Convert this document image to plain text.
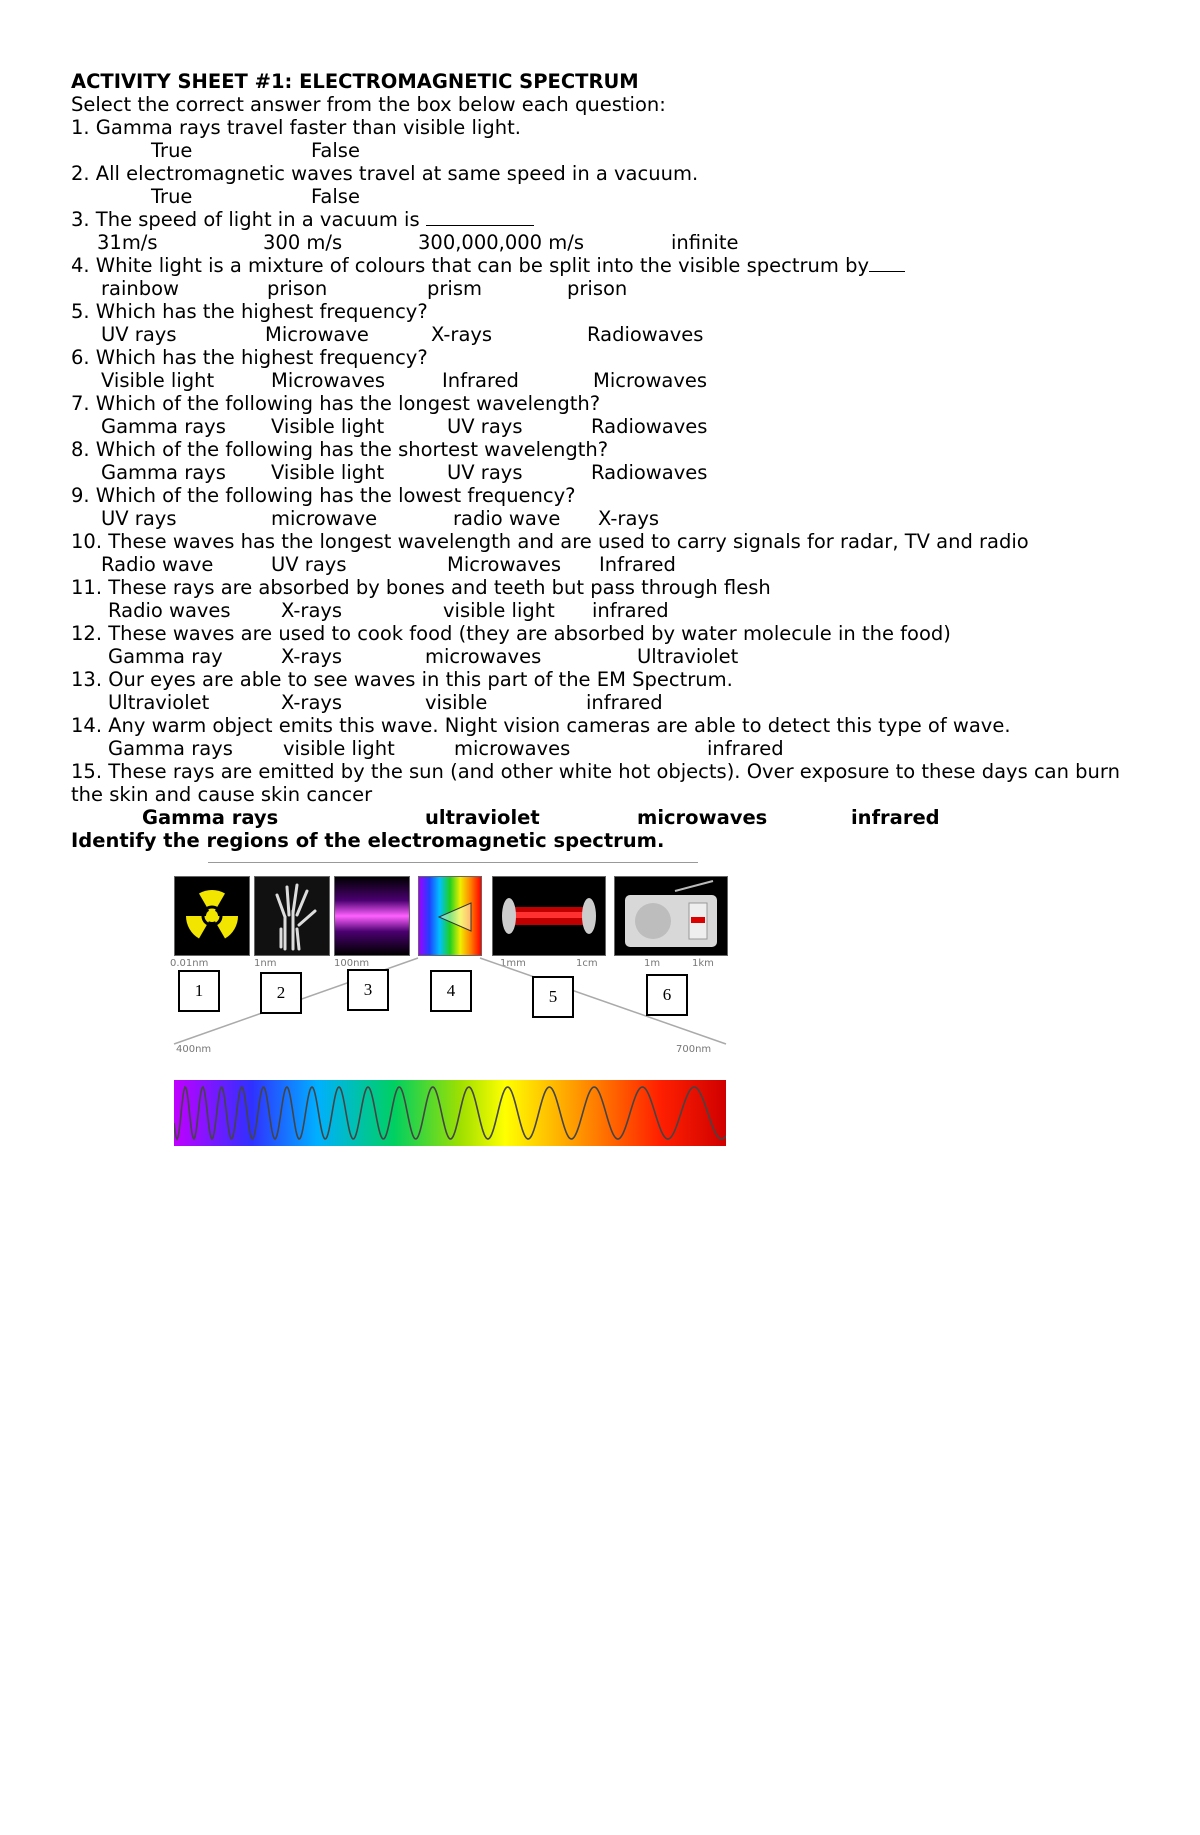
ACTIVITY SHEET #1: ELECTROMAGNETIC SPECTRUM
Select the correct answer from the box below each question:
1. Gamma rays travel faster than visible light.
True	False
2. All electromagnetic waves travel at same speed in a vacuum.
True	False
3. The speed of light in a vacuum is
31m/s	300 m/s	300,000,000 m/s	infinite
4. White light is a mixture of colours that can be split into the visible spectrum by
rainbow	prison	prism	prison
5. Which has the highest frequency?
UV rays	Microwave	X-rays	Radiowaves
6. Which has the highest frequency?
Visible light	Microwaves	Infrared	Microwaves
7. Which of the following has the longest wavelength?
Gamma rays Visible light	UV rays	Radiowaves
8. Which of the following has the shortest wavelength?
Gamma rays Visible light	UV rays	Radiowaves
9. Which of the following has the lowest frequency?
UV rays	microwave	radio wave X-rays
10. These waves has the longest wavelength and are used to carry signals for radar, TV and radio
Radio wave	UV rays	Microwaves Infrared
11. These rays are absorbed by bones and teeth but pass through flesh
Radio waves	X-rays	visible light infrared
12. These waves are used to cook food (they are absorbed by water molecule in the food)
Gamma ray	X-rays	microwaves	Ultraviolet
13. Our eyes are able to see waves in this part of the EM Spectrum.
Ultraviolet	X-rays	visible	infrared
14. Any warm object emits this wave. Night vision cameras are able to detect this type of wave.
Gamma rays	visible light	microwaves	infrared
15. These rays are emitted by the sun (and other white hot objects). Over exposure to these days can burn the skin and cause skin cancer
Gamma rays	ultraviolet	microwaves	infrared
Identify the regions of the electromagnetic spectrum.
0.01nm	1nm	100nm	1mm	1cm	1m	1km
1	2	3	4	5	6
400nm	700nm
